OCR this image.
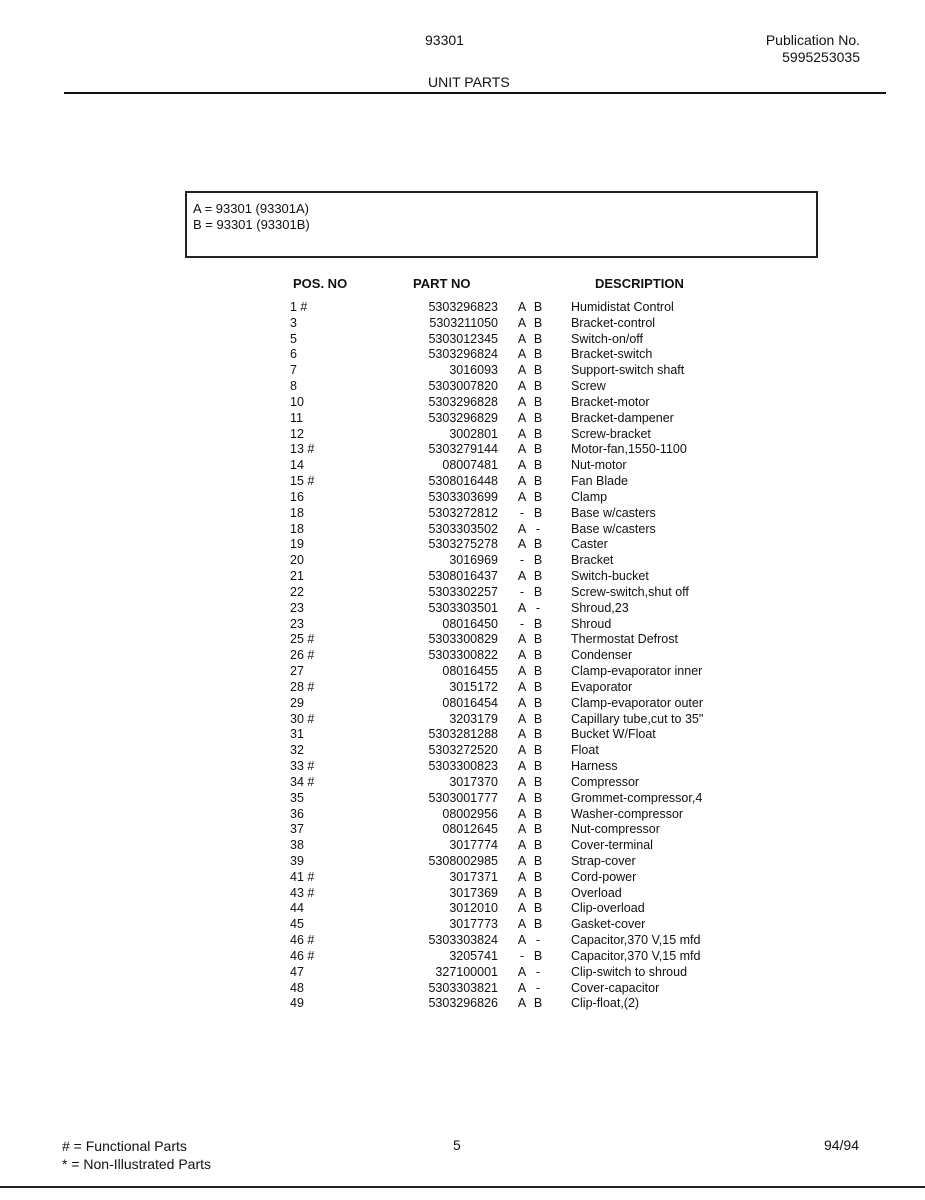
93301	Publication No.
5995253035
UNIT PARTS
A = 93301 (93301A)
B = 93301 (93301B)
POS. NO	PART NO	DESCRIPTION
1 #	5303296823 A B Humidistat Control
3	5303211050 A B Bracket-control
5	5303012345 A B Switch-on/off
6	5303296824 A B Bracket-switch
7	3016093 A B Support-switch shaft
8	5303007820 A B Screw
10	5303296828 A B Bracket-motor
11	5303296829 A B Bracket-dampener
12	3002801 A B Screw-bracket
13 #	5303279144 A B Motor-fan,1550-1100
14	08007481 A B Nut-motor
15 #	5308016448 A B Fan Blade
16	5303303699 A B Clamp
18	5303272812	- B Base w/casters
18	5303303502 A -	Base w/casters
19	5303275278 A B Caster
20	3016969	- B Bracket
21	5308016437 A B Switch-bucket
22	5303302257	- B Screw-switch,shut off
23	5303303501 A -	Shroud,23
23	08016450	- B Shroud
25 #	5303300829 A B Thermostat Defrost
26 #	5303300822 A B Condenser
27	08016455 A B Clamp-evaporator inner
28 #	3015172 A B Evaporator
29	08016454 A B Clamp-evaporator outer
30 #	3203179 A B Capillary tube,cut to 35"
31	5303281288 A B Bucket W/Float
32	5303272520 A B Float
33 #	5303300823 A B Harness
34 #	3017370 A B Compressor
35	5303001777 A B Grommet-compressor,4
36	08002956 A B Washer-compressor
37	08012645 A B Nut-compressor
38	3017774 A B Cover-terminal
39	5308002985 A B Strap-cover
41 #	3017371 A B Cord-power
43 #	3017369 A B Overload
44	3012010 A B Clip-overload
45	3017773 A B Gasket-cover
46 #	5303303824 A -	Capacitor,370 V,15 mfd
46 #	3205741	- B Capacitor,370 V,15 mfd
47	327100001 A -	Clip-switch to shroud
48	5303303821 A -	Cover-capacitor
49	5303296826 A B Clip-float,(2)
# = Functional Parts
* = Non-Illustrated Parts
5	94/94
